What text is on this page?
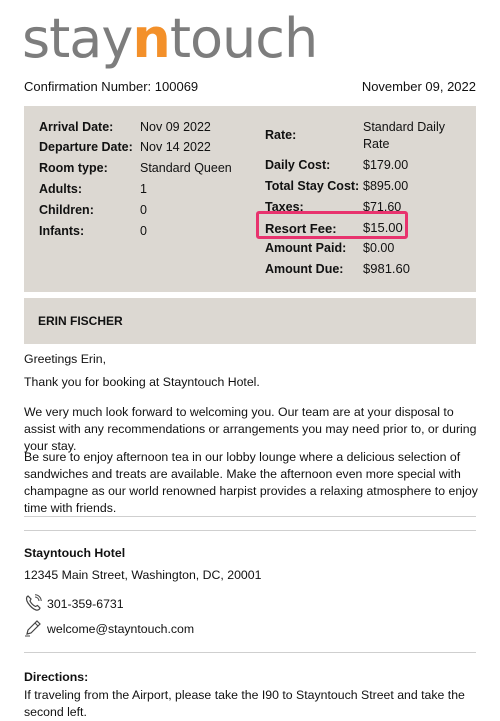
stayntouch
Confirmation Number: 100069	November 09, 2022
Arrival Date: Nov 09 2022
Departure Date: Nov 14 2022
Room type:	Standard Queen
Adults:	1
Children:	0
Infants:	0
Rate:
Standard Daily
Rate
Daily Cost:	$179.00
Total Stay Cost: $895.00
Taxes:	$71.60
Resort Fee: $15.00
Amount Paid: $0.00
Amount Due: $981.60
ERIN FISCHER
Greetings Erin,
Thank you for booking at Stayntouch Hotel.
We very much look forward to welcoming you. Our team are at your disposal to assist with any recommendations or arrangements you may need prior to, or during your stay.
Be sure to enjoy afternoon tea in our lobby lounge where a delicious selection of sandwiches and treats are available. Make the afternoon even more special with champagne as our world renowned harpist provides a relaxing atmosphere to enjoy time with friends.
Stayntouch Hotel
12345 Main Street, Washington, DC, 20001
301-359-6731
welcome@stayntouch.com
Directions:
If traveling from the Airport, please take the I90 to Stayntouch Street and take the second left.
